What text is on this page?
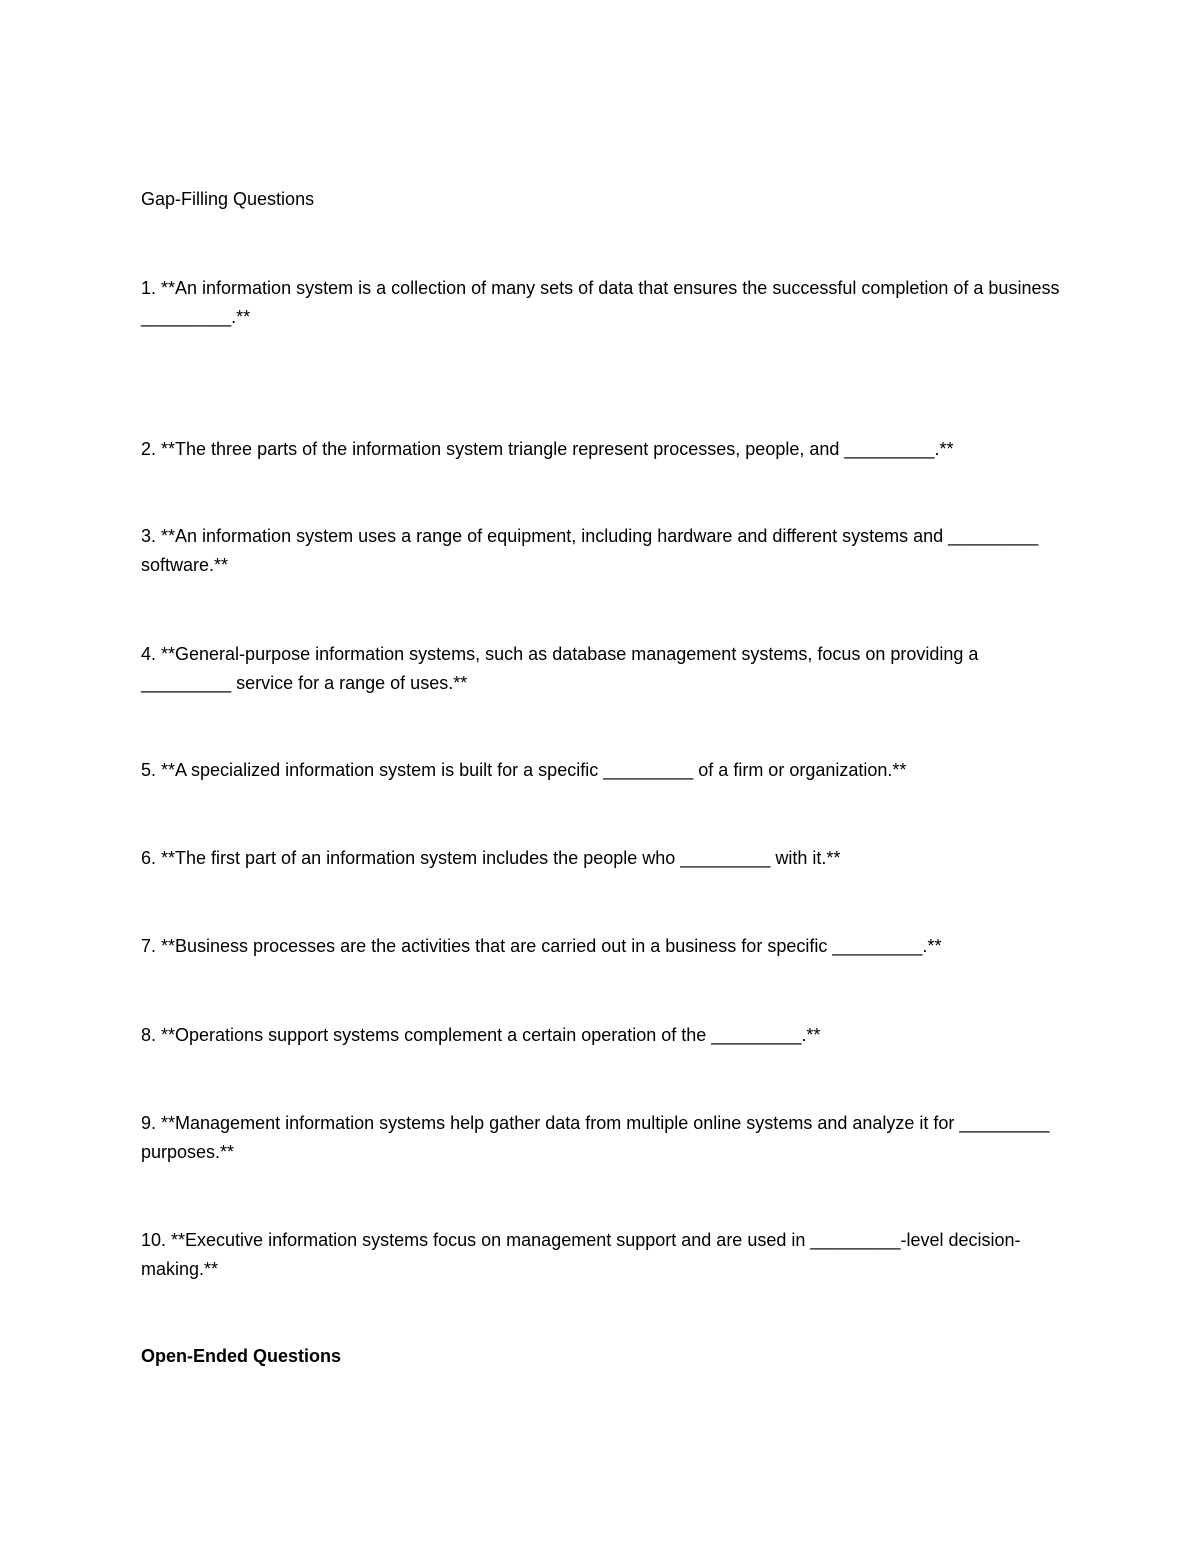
Gap-Filling Questions
1. **An information system is a collection of many sets of data that ensures the successful completion of a business _________.**
2. **The three parts of the information system triangle represent processes, people, and _________.**
3. **An information system uses a range of equipment, including hardware and different systems and _________ software.**
4. **General-purpose information systems, such as database management systems, focus on providing a _________ service for a range of uses.**
5. **A specialized information system is built for a specific _________ of a firm or organization.**
6. **The first part of an information system includes the people who _________ with it.**
7. **Business processes are the activities that are carried out in a business for specific _________.**
8. **Operations support systems complement a certain operation of the _________.**
9. **Management information systems help gather data from multiple online systems and analyze it for _________ purposes.**
10. **Executive information systems focus on management support and are used in _________-level decision-making.**
Open-Ended Questions
